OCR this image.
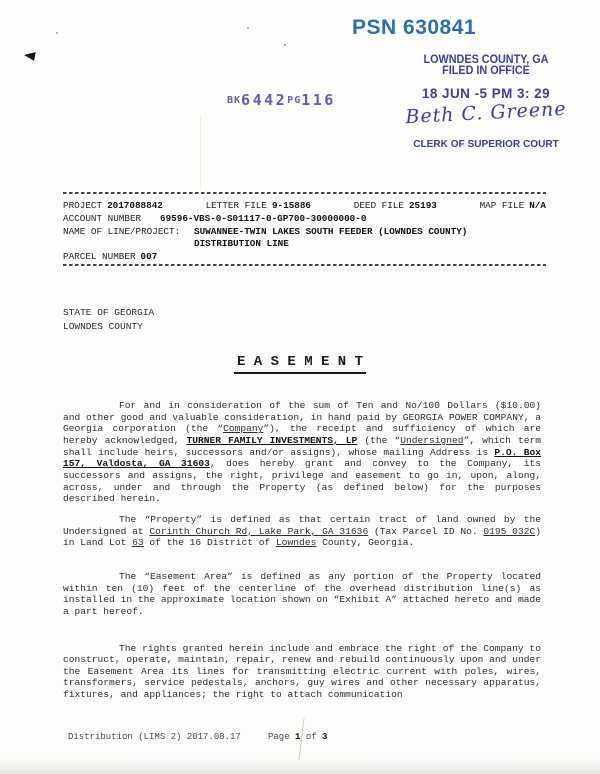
PSN 630841
BK6442PG116
LOWNDES COUNTY, GA
FILED IN OFFICE
18 JUN -5 PM 3: 29
Beth C. Greene
CLERK OF SUPERIOR COURT
PROJECT 2017088842	LETTER FILE 9-15886	DEED FILE 25193	MAP FILE N/A
ACCOUNT NUMBER 69596-VBS-0-S01117-0-GP700-30000000-0
NAME OF LINE/PROJECT:	SUWANNEE-TWIN LAKES SOUTH FEEDER (LOWNDES COUNTY)
DISTRIBUTION LINE
PARCEL NUMBER 007
STATE OF GEORGIA
LOWNDES COUNTY
E A S E M E N T

For and in consideration of the sum of Ten and No/100 Dollars ($10.00) and other good and valuable consideration, in hand paid by GEORGIA POWER COMPANY, a Georgia corporation (the “Company”), the receipt and sufficiency of which are hereby acknowledged, TURNER FAMILY INVESTMENTS, LP (the “Undersigned”, which term shall include heirs, successors and/or assigns), whose mailing Address is P.O. Box 157, Valdosta, GA 31603, does hereby grant and convey to the Company, its successors and assigns, the right, privilege and easement to go in, upon, along, across, under and through the Property (as defined below) for the purposes described herein.

The “Property” is defined as that certain tract of land owned by the Undersigned at Corinth Church Rd, Lake Park, GA 31636 (Tax Parcel ID No. 0195 032C) in Land Lot 63 of the 16 District of Lowndes County, Georgia.

The “Easement Area” is defined as any portion of the Property located within ten (10) feet of the centerline of the overhead distribution line(s) as installed in the approximate location shown on “Exhibit A” attached hereto and made a part hereof.

The rights granted herein include and embrace the right of the Company to construct, operate, maintain, repair, renew and rebuild continuously upon and under the Easement Area its lines for transmitting electric current with poles, wires, transformers, service pedestals, anchors, guy wires and other necessary apparatus, fixtures, and appliances; the right to attach communication

Distribution (LIMS 2) 2017.08.17	Page 1 of 3
